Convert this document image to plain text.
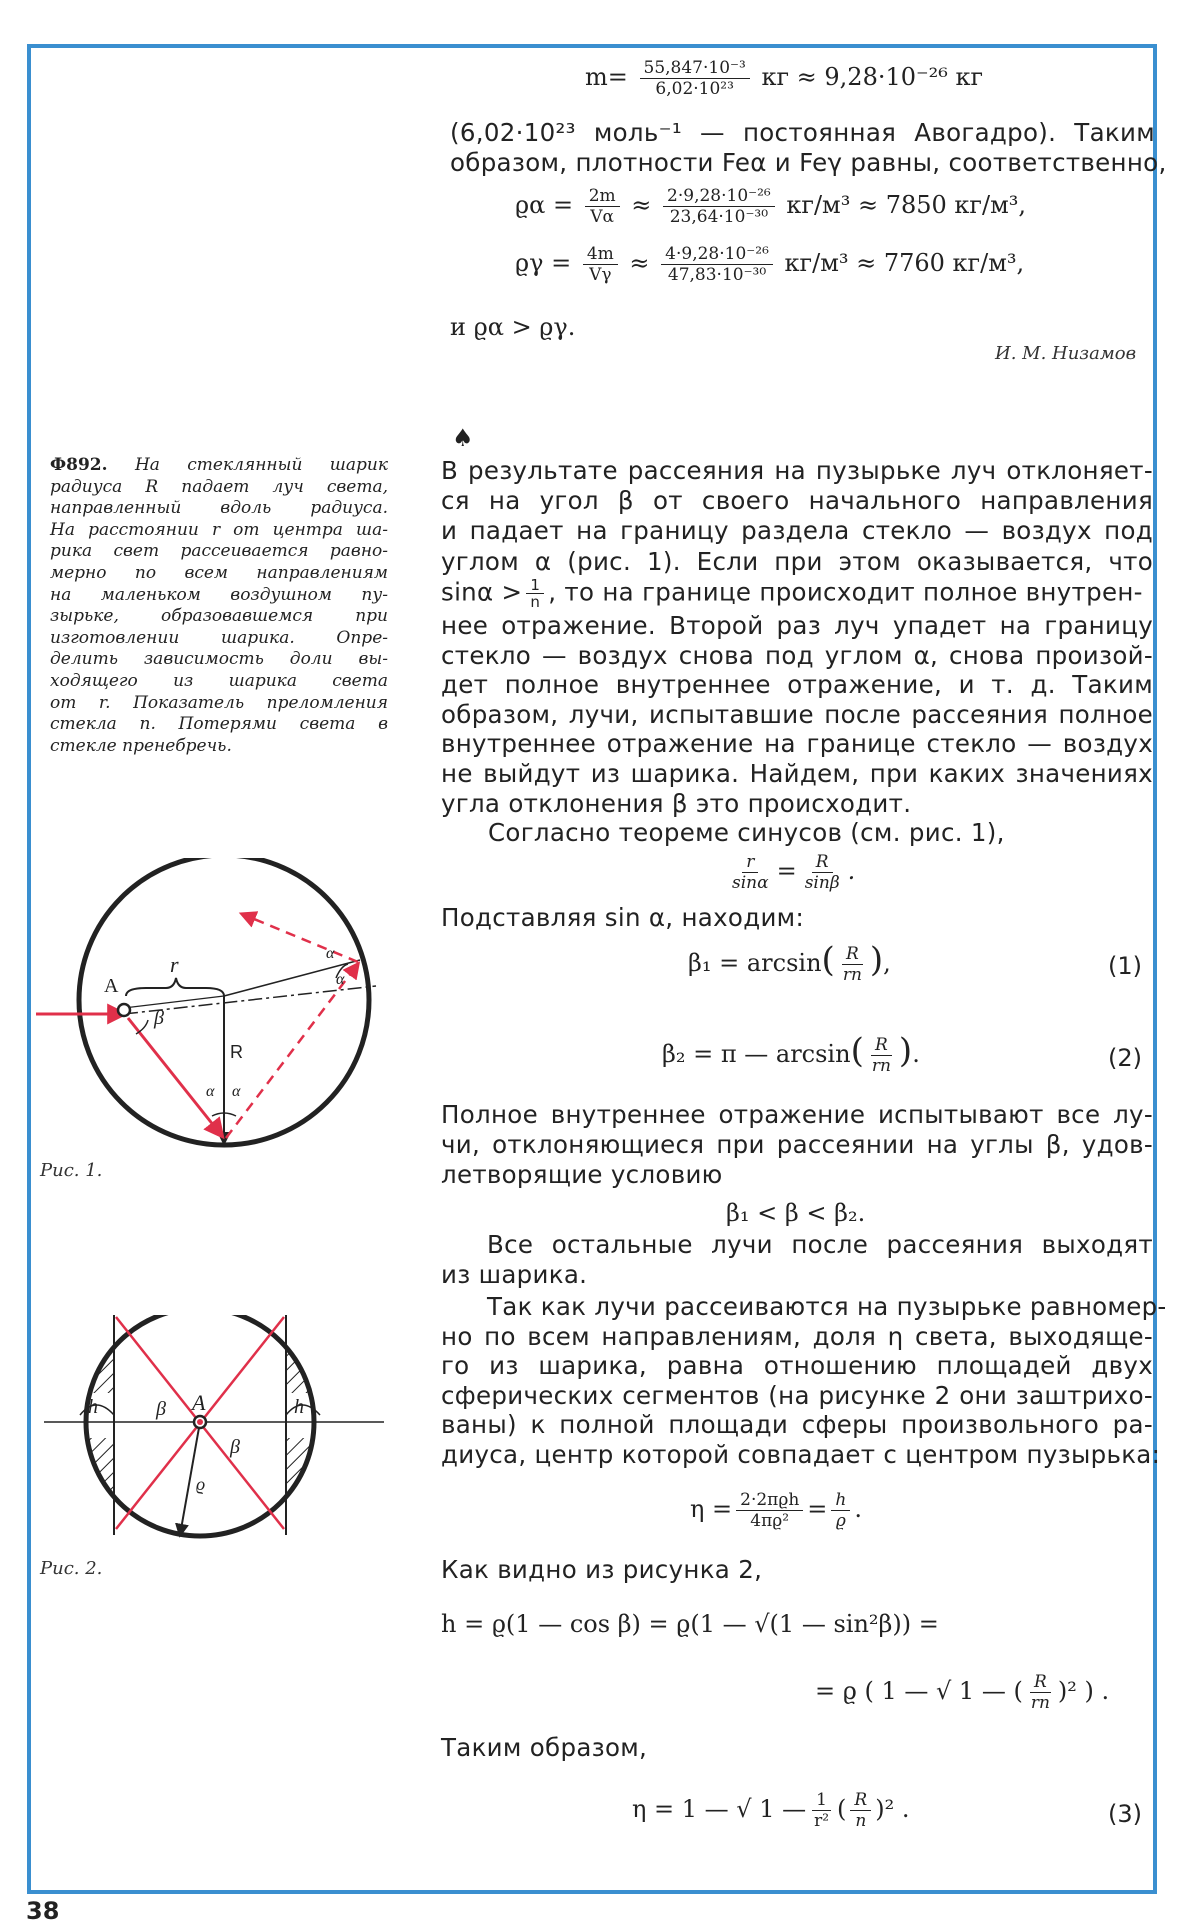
$m= \frac{\text{55,847·10⁻³}}{\text{6,02·10²³}}$ кг ≈ 9,28·10⁻²⁶ кг
(6,02·10²³ моль⁻¹ — постоянная Авогадро). Таким
образом, плотности Feα и Feγ равны, соответственно,
$ϱ\alpha = \frac{2m}{V\alpha} \approx \frac{\text{2·9,28·10⁻²⁶}}{\text{23,64·10⁻³⁰}} кг/м^3 \approx 7850$ кг/м³,
$ϱ\gamma = \frac{4m}{V\gamma} \approx \frac{\text{4·9,28·10⁻²⁶}}{\text{47,83·10⁻³⁰}} кг/м^3 \approx 7760$ кг/м³,
и ϱα > ϱγ.
И. М. Низамов
Ф892. На стеклянный шарик
радиуса R падает луч света,
направленный вдоль радиуса.
На расстоянии r от центра ша-
рика свет рассеивается равно-
мерно по всем направлениям
на маленьком воздушном пу-
зырьке, образовавшемся при
изготовлении шарика. Опре-
делить зависимость доли вы-
ходящего из шарика света
от r. Показатель преломления
стекла n. Потерями света в
стекле пренебречь.
♠
В результате рассеяния на пузырьке луч отклоняет-
ся на угол β от своего начального направления
и падает на границу раздела стекло — воздух под
углом α (рис. 1). Если при этом оказывается, что
$\sin\alpha > \frac{1}{n}$ , то на границе происходит полное внутрен-
нее отражение. Второй раз луч упадет на границу
стекло — воздух снова под углом α, снова произой-
дет полное внутреннее отражение, и т. д. Таким
образом, лучи, испытавшие после рассеяния полное
внутреннее отражение на границе стекло — воздух
не выйдут из шарика. Найдем, при каких значениях
угла отклонения β это происходит.
Согласно теореме синусов (см. рис. 1),
$\frac{r}{\sin\alpha} = \frac{R}{\sin\beta}$ .
Подставляя sin α, находим:
$\beta_1 = \arcsin( \frac{R}{rn}$ ),	(1)
β₂ = π — $\arcsin( \frac{R}{rn}$ ).	(2)
Полное внутреннее отражение испытывают все лу-
чи, отклоняющиеся при рассеянии на углы β, удов-
летворящие условию
β₁ < β < β₂.
Все остальные лучи после рассеяния выходят
из шарика.
Так как лучи рассеиваются на пузырьке равномер-
но по всем направлениям, доля η света, выходяще-
го из шарика, равна отношению площадей двух
сферических сегментов (на рисунке 2 они заштрихо-
ваны) к полной площади сферы произвольного ра-
диуса, центр которой совпадает с центром пузырька:
$\eta = \frac{\text{2·2πϱh}}{\text{4πϱ²}} = \frac{h}{ϱ}$ .
Как видно из рисунка 2,
h = ϱ(1 — cos β) = ϱ(1 — √(1 — sin²β)) =
= ϱ ( 1 — √ 1 — ( $\frac{R}{rn} )^2$ ) .
Таким образом,
η = 1 — √ 1 — $\frac{1}{\text{r²}}$ ( $\frac{R}{n} )^2$ .	(3)
A
r
R
β
α α
α
α
Рис. 1.
h	h
β
β
A
ϱ
Рис. 2.
38
